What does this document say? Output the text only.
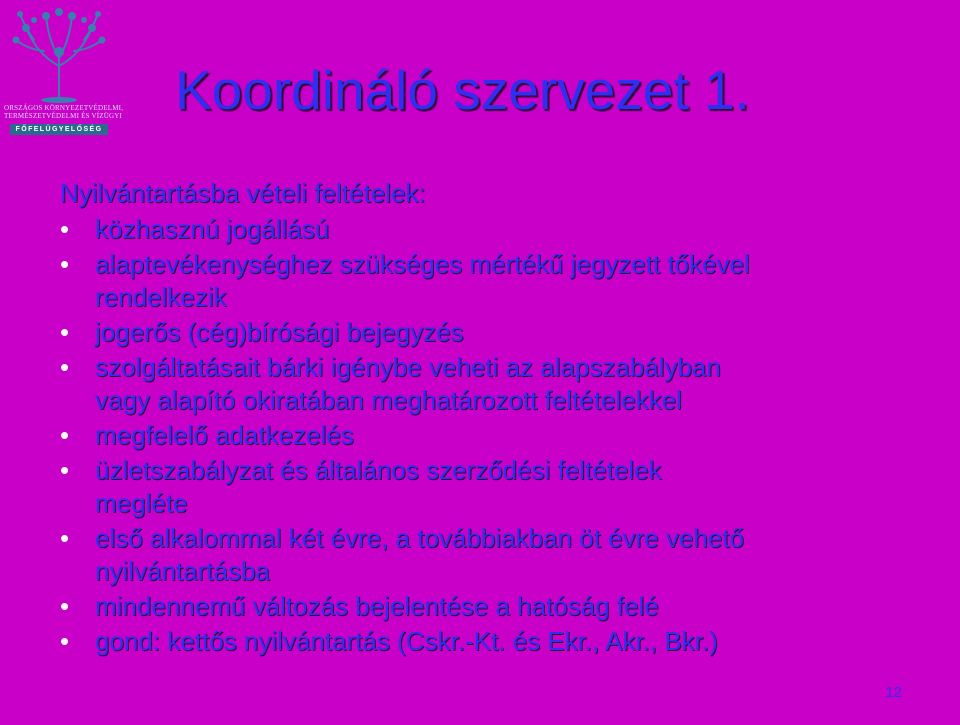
ORSZÁGOS KÖRNYEZETVÉDELMI,
TERMÉSZETVÉDELMI ÉS VÍZÜGYI
FŐFELÜGYELŐSÉG
Koordináló szervezet 1.
Nyilvántartásba vételi feltételek:
• közhasznú jogállású
• alaptevékenységhez szükséges mértékű jegyzett tőkével
rendelkezik
• jogerős (cég)bírósági bejegyzés
• szolgáltatásait bárki igénybe veheti az alapszabályban
vagy alapító okiratában meghatározott feltételekkel
• megfelelő adatkezelés
• üzletszabályzat és általános szerződési feltételek
megléte
• első alkalommal két évre, a továbbiakban öt évre vehető
nyilvántartásba
• mindennemű változás bejelentése a hatóság felé
• gond: kettős nyilvántartás (Cskr.-Kt. és Ekr., Akr., Bkr.)
12
